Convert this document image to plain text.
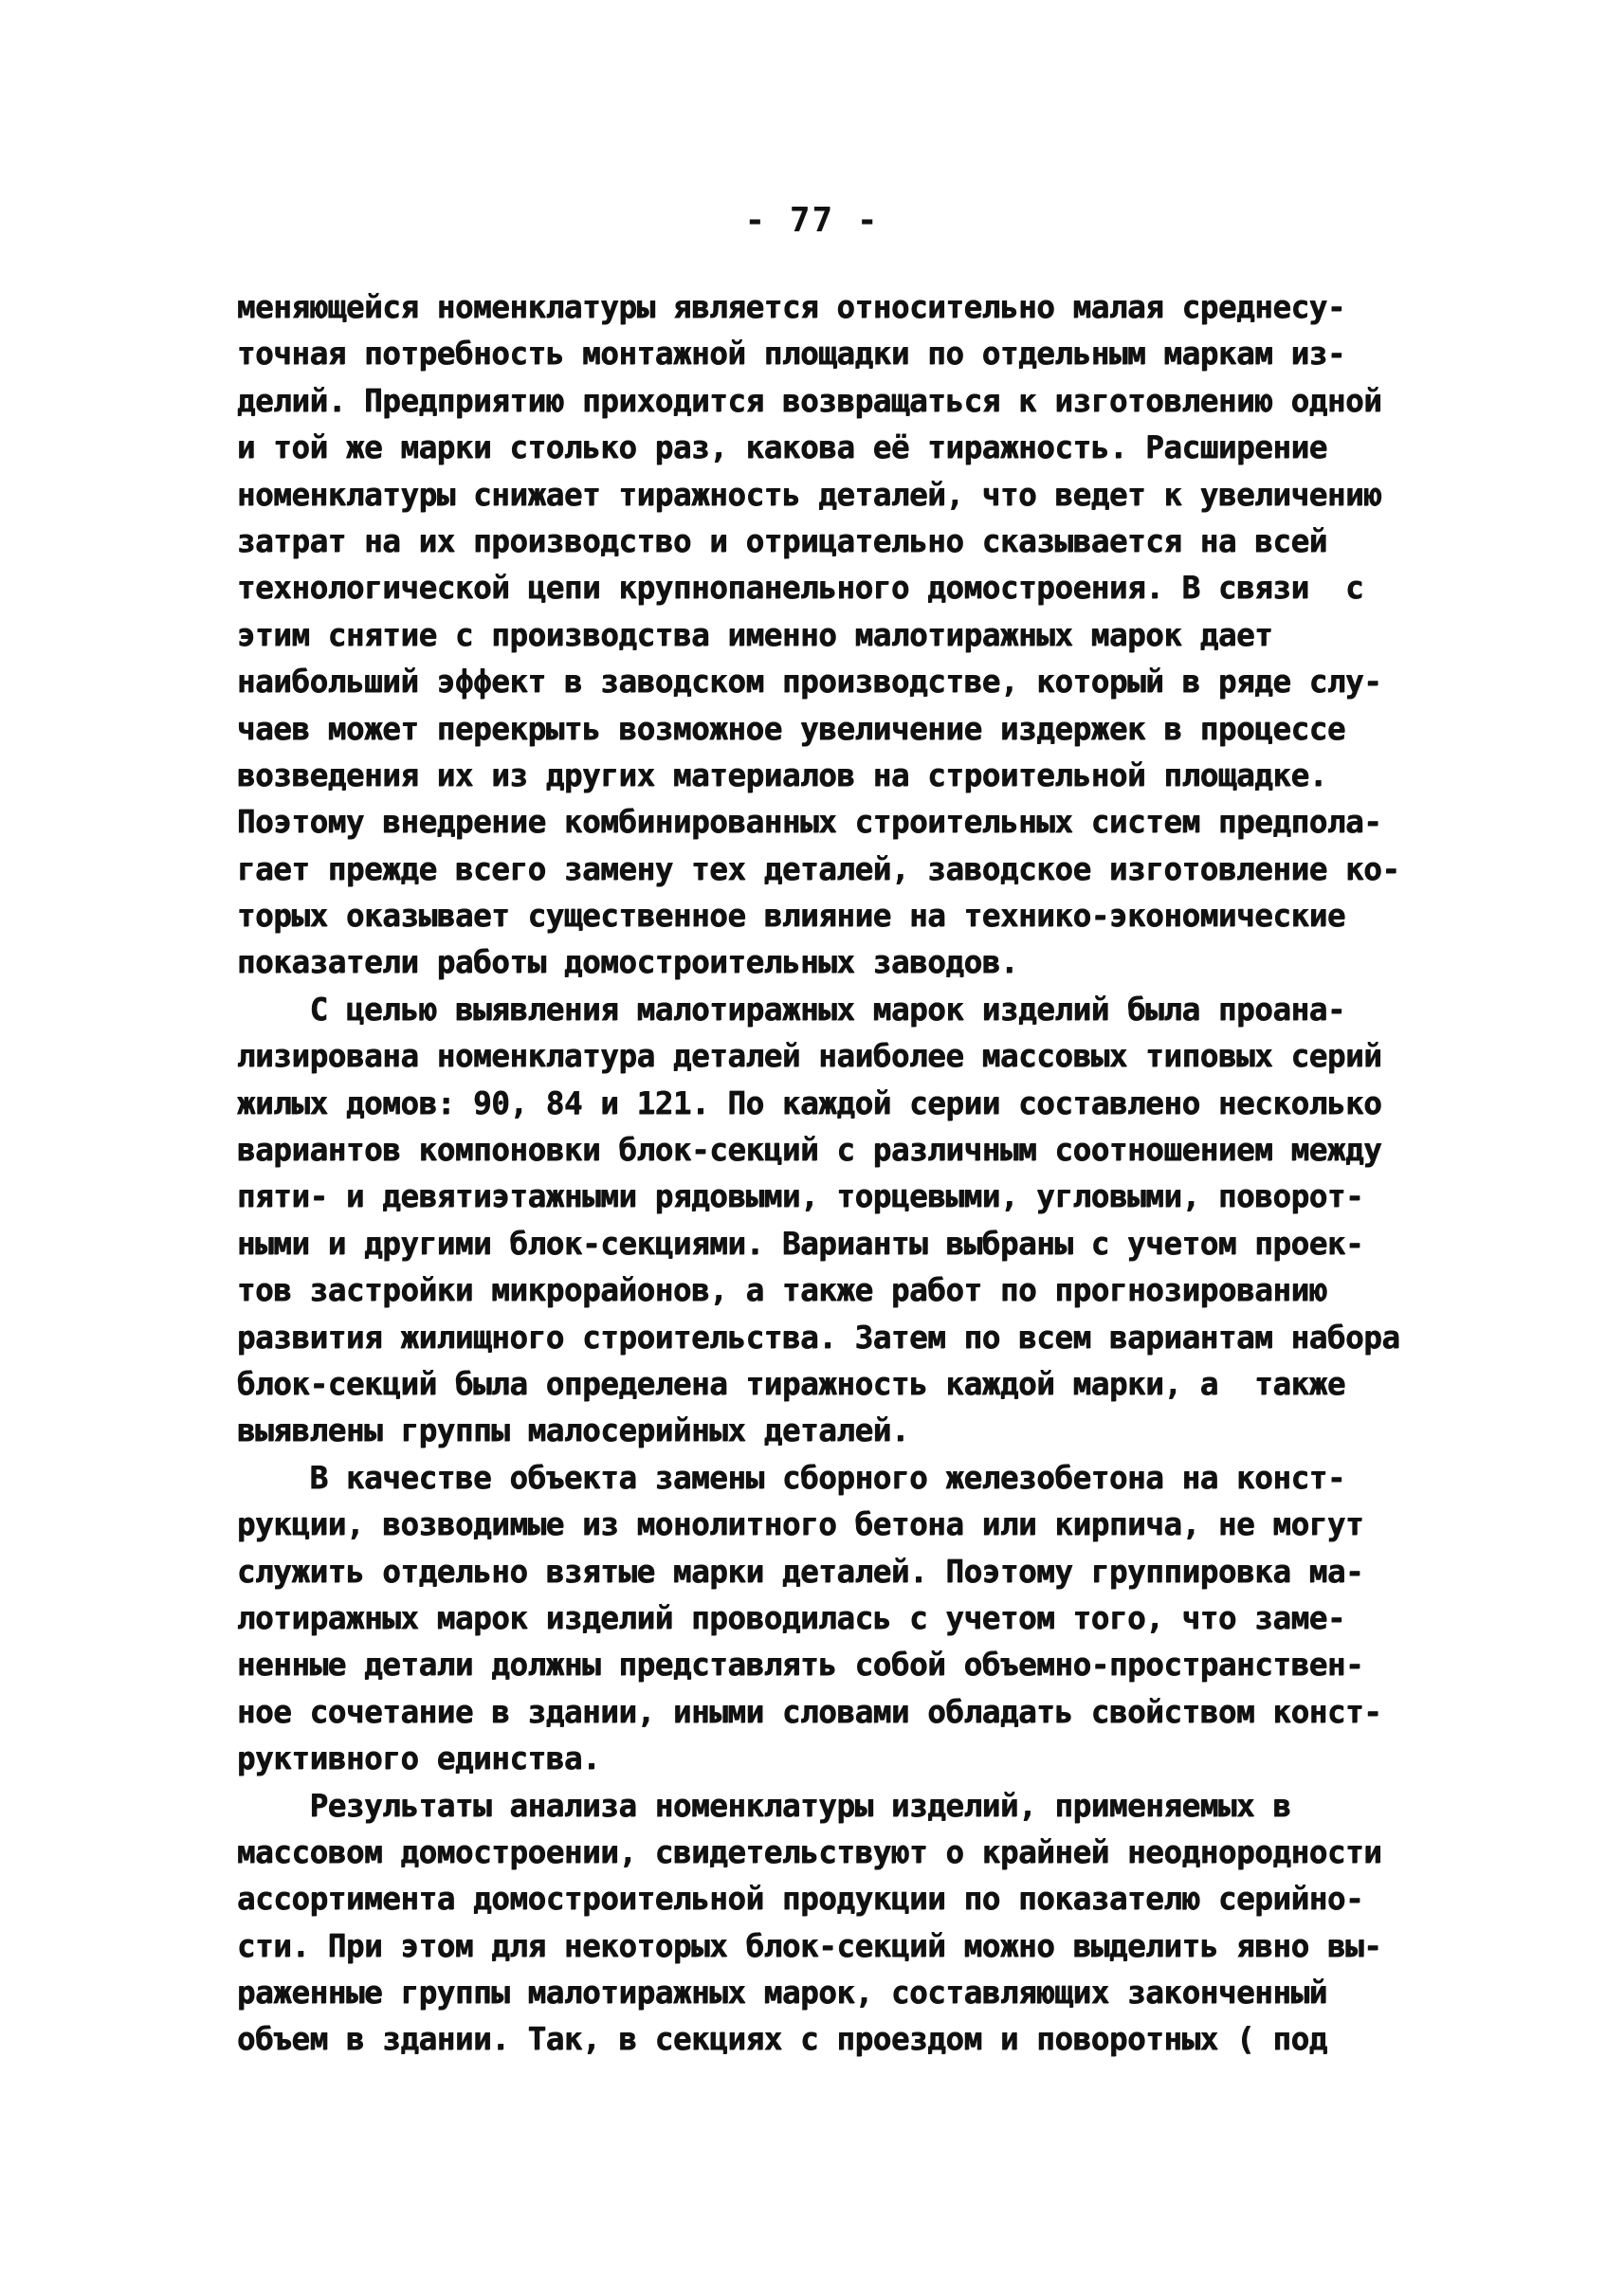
- 77 -
меняющейся номенклатуры является относительно малая среднесу-
точная потребность монтажной площадки по отдельным маркам из-
делий. Предприятию приходится возвращаться к изготовлению одной
и той же марки столько раз, какова её тиражность. Расширение
номенклатуры снижает тиражность деталей, что ведет к увеличению
затрат на их производство и отрицательно сказывается на всей
технологической цепи крупнопанельного домостроения. В связи  с
этим снятие с производства именно малотиражных марок дает
наибольший эффект в заводском производстве, который в ряде слу-
чаев может перекрыть возможное увеличение издержек в процессе
возведения их из других материалов на строительной площадке.
Поэтому внедрение комбинированных строительных систем предпола-
гает прежде всего замену тех деталей, заводское изготовление ко-
торых оказывает существенное влияние на технико-экономические
показатели работы домостроительных заводов.
С целью выявления малотиражных марок изделий была проана-
лизирована номенклатура деталей наиболее массовых типовых серий
жилых домов: 90, 84 и 121. По каждой серии составлено несколько
вариантов компоновки блок-секций с различным соотношением между
пяти- и девятиэтажными рядовыми, торцевыми, угловыми, поворот-
ными и другими блок-секциями. Варианты выбраны с учетом проек-
тов застройки микрорайонов, а также работ по прогнозированию
развития жилищного строительства. Затем по всем вариантам набора
блок-секций была определена тиражность каждой марки, а  также
выявлены группы малосерийных деталей.
В качестве объекта замены сборного железобетона на конст-
рукции, возводимые из монолитного бетона или кирпича, не могут
служить отдельно взятые марки деталей. Поэтому группировка ма-
лотиражных марок изделий проводилась с учетом того, что заме-
ненные детали должны представлять собой объемно-пространствен-
ное сочетание в здании, иными словами обладать свойством конст-
руктивного единства.
Результаты анализа номенклатуры изделий, применяемых в
массовом домостроении, свидетельствуют о крайней неоднородности
ассортимента домостроительной продукции по показателю серийно-
сти. При этом для некоторых блок-секций можно выделить явно вы-
раженные группы малотиражных марок, составляющих законченный
объем в здании. Так, в секциях с проездом и поворотных ( под
